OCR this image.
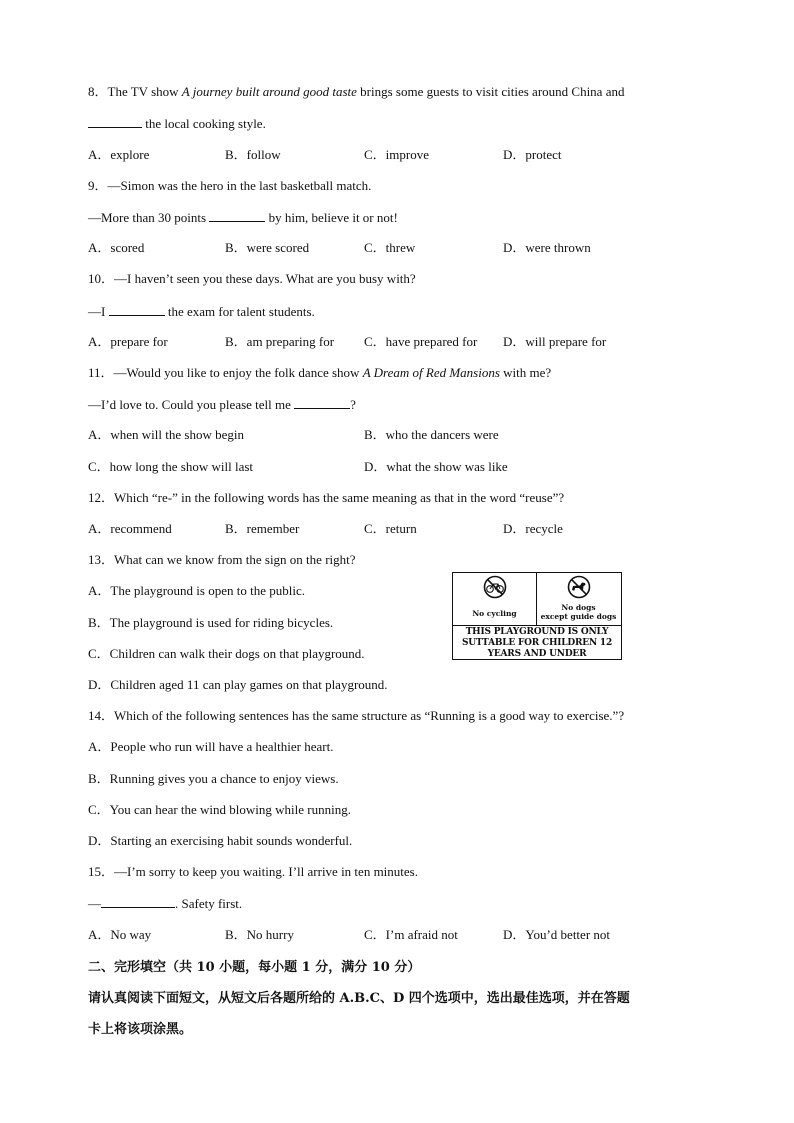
8．The TV show A journey built around good taste brings some guests to visit cities around China and
the local cooking style.
A．explore	B．follow	C．improve	D．protect
9．—Simon was the hero in the last basketball match.
—More than 30 points	by him, believe it or not!
A．scored	B．were scored	C．threw	D．were thrown
10．—I haven’t seen you these days. What are you busy with?
—I	the exam for talent students.
A．prepare for	B．am preparing for C．have prepared for D．will prepare for
11．—Would you like to enjoy the folk dance show A Dream of Red Mansions with me?
—I’d love to. Could you please tell me	?
A．when will the show begin	B．who the dancers were
C．how long the show will last	D．what the show was like
12．Which “re-” in the following words has the same meaning as that in the word “reuse”?
A．recommend	B．remember	C．return	D．recycle
13．What can we know from the sign on the right?
A．The playground is open to the public.
B．The playground is used for riding bicycles.
C．Children can walk their dogs on that playground.
D．Children aged 11 can play games on that playground.
No cycling
No dogs
except guide dogs
THIS PLAYGROUND IS ONLY
SUTTABLE FOR CHILDREN 12
YEARS AND UNDER
14．Which of the following sentences has the same structure as “Running is a good way to exercise.”?
A．People who run will have a healthier heart.
B．Running gives you a chance to enjoy views.
C．You can hear the wind blowing while running.
D．Starting an exercising habit sounds wonderful.
15．—I’m sorry to keep you waiting. I’ll arrive in ten minutes.
—	. Safety first.
A．No way	B．No hurry	C．I’m afraid not	D．You’d better not
二、完形填空（共 10 小题，每小题 1 分，满分 10 分）
请认真阅读下面短文，从短文后各题所给的 A.B.C、D 四个选项中，选出最佳选项，并在答题
卡上将该项涂黑。
